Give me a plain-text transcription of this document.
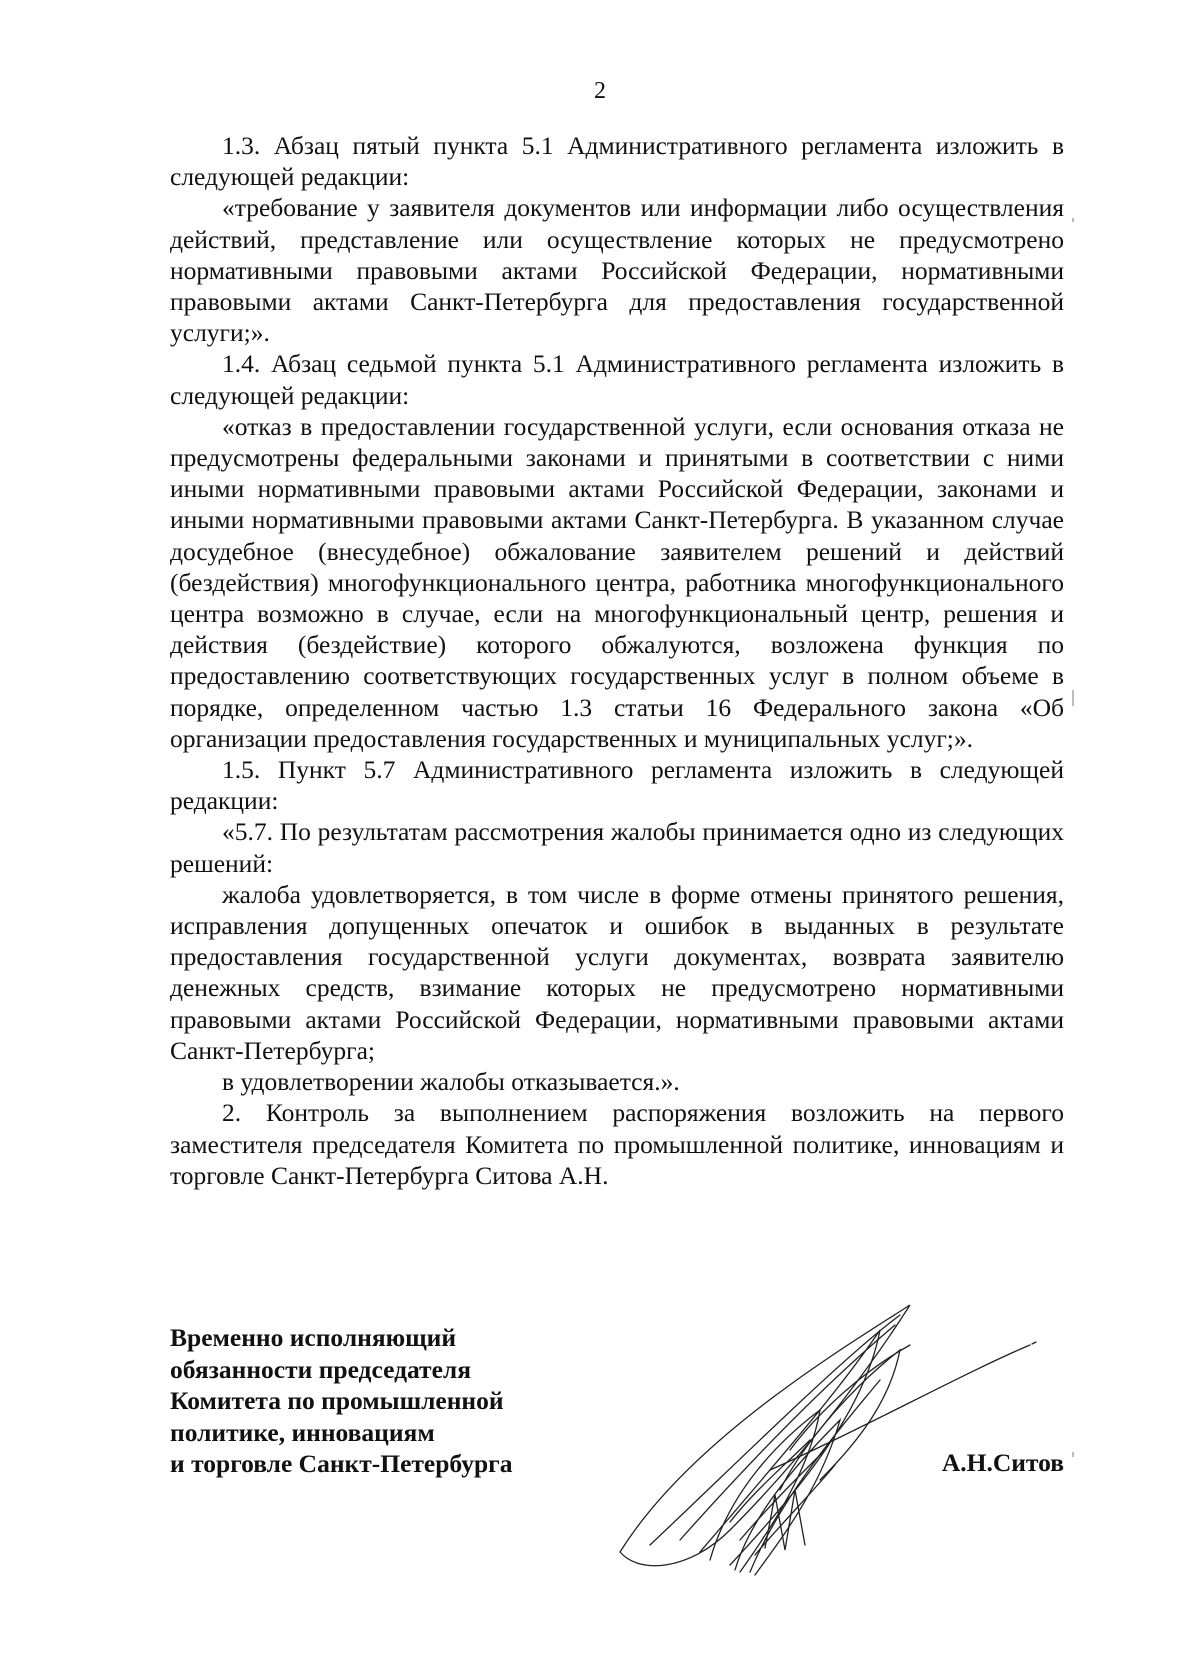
2

1.3. Абзац пятый пункта 5.1 Административного регламента изложить в следующей редакции:

«требование у заявителя документов или информации либо осуществления действий, представление или осуществление которых не предусмотрено нормативными правовыми актами Российской Федерации, нормативными правовыми актами Санкт-Петербурга для предоставления государственной услуги;».

1.4. Абзац седьмой пункта 5.1 Административного регламента изложить в следующей редакции:

«отказ в предоставлении государственной услуги, если основания отказа не предусмотрены федеральными законами и принятыми в соответствии с ними иными нормативными правовыми актами Российской Федерации, законами и иными нормативными правовыми актами Санкт-Петербурга. В указанном случае досудебное (внесудебное) обжалование заявителем решений и действий (бездействия) многофункционального центра, работника многофункционального центра возможно в случае, если на многофункциональный центр, решения и действия (бездействие) которого обжалуются, возложена функция по предоставлению соответствующих государственных услуг в полном объеме в порядке, определенном частью 1.3 статьи 16 Федерального закона «Об организации предоставления государственных и муниципальных услуг;».

1.5. Пункт 5.7 Административного регламента изложить в следующей редакции:

«5.7. По результатам рассмотрения жалобы принимается одно из следующих решений:

жалоба удовлетворяется, в том числе в форме отмены принятого решения, исправления допущенных опечаток и ошибок в выданных в результате предоставления государственной услуги документах, возврата заявителю денежных средств, взимание которых не предусмотрено нормативными правовыми актами Российской Федерации, нормативными правовыми актами Санкт-Петербурга;

в удовлетворении жалобы отказывается.».

2. Контроль за выполнением распоряжения возложить на первого заместителя председателя Комитета по промышленной политике, инновациям и торговле Санкт-Петербурга Ситова А.Н.

Временно исполняющий
обязанности председателя
Комитета по промышленной
политике, инновациям
и торговле Санкт-Петербурга	А.Н.Ситов
